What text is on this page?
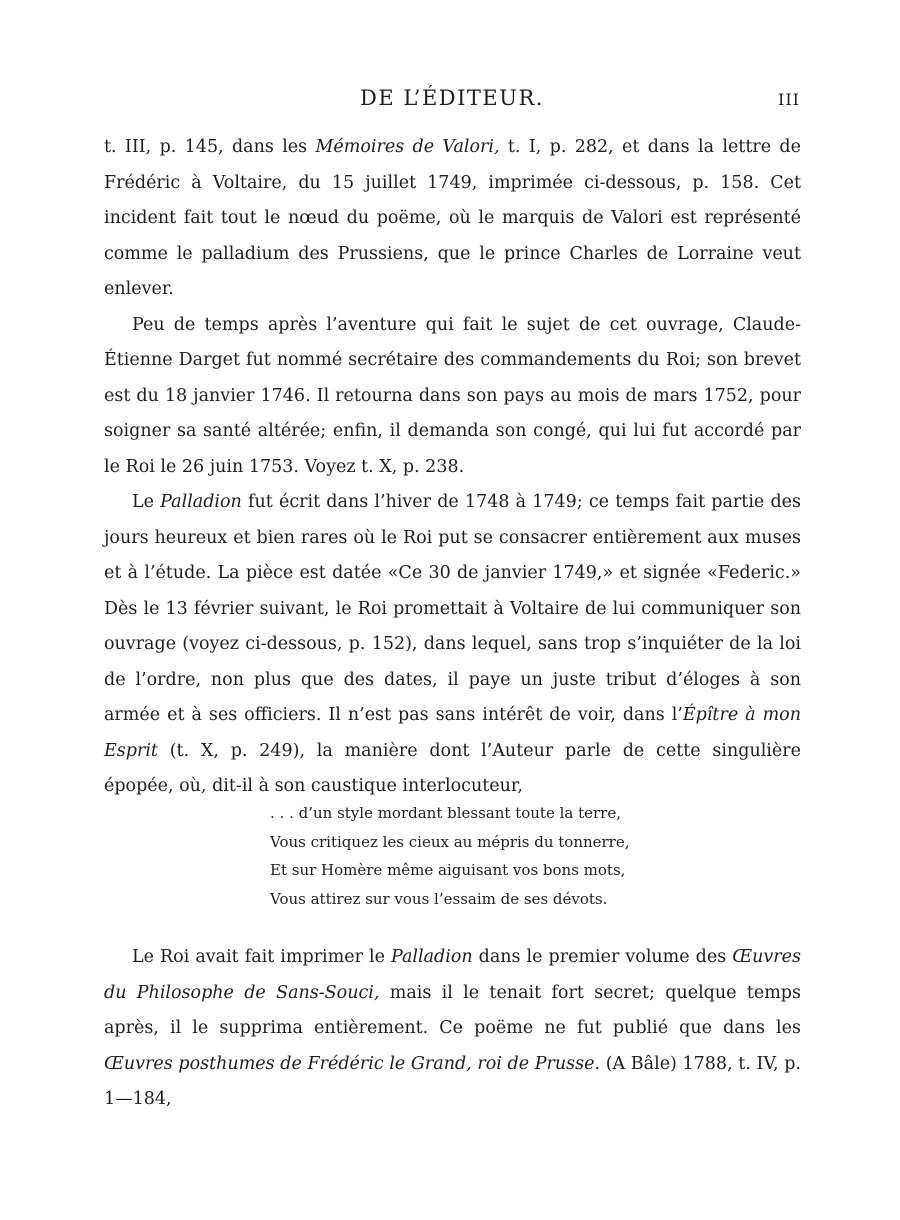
DE L’ÉDITEUR.	III

t. III, p. 145, dans les Mémoires de Valori, t. I, p. 282, et dans la lettre de Frédéric à Voltaire, du 15 juillet 1749, imprimée ci-dessous, p. 158. Cet incident fait tout le nœud du poëme, où le marquis de Valori est représenté comme le palladium des Prussiens, que le prince Charles de Lorraine veut enlever.

Peu de temps après l’aventure qui fait le sujet de cet ouvrage, Claude-Étienne Darget fut nommé secrétaire des commandements du Roi; son brevet est du 18 janvier 1746. Il retourna dans son pays au mois de mars 1752, pour soigner sa santé altérée; enfin, il demanda son congé, qui lui fut accordé par le Roi le 26 juin 1753. Voyez t. X, p. 238.

Le Palladion fut écrit dans l’hiver de 1748 à 1749; ce temps fait partie des jours heureux et bien rares où le Roi put se consacrer entièrement aux muses et à l’étude. La pièce est datée «Ce 30 de janvier 1749,» et signée «Federic.» Dès le 13 février suivant, le Roi promettait à Voltaire de lui communiquer son ouvrage (voyez ci-dessous, p. 152), dans lequel, sans trop s’inquiéter de la loi de l’ordre, non plus que des dates, il paye un juste tribut d’éloges à son armée et à ses officiers. Il n’est pas sans intérêt de voir, dans l’Épître à mon Esprit (t. X, p. 249), la manière dont l’Auteur parle de cette singulière épopée, où, dit-il à son caustique interlocuteur,

. . . d’un style mordant blessant toute la terre,
Vous critiquez les cieux au mépris du tonnerre,
Et sur Homère même aiguisant vos bons mots,
Vous attirez sur vous l’essaim de ses dévots.

Le Roi avait fait imprimer le Palladion dans le premier volume des Œuvres du Philosophe de Sans-Souci, mais il le tenait fort secret; quelque temps après, il le supprima entièrement. Ce poëme ne fut publié que dans les Œuvres posthumes de Frédéric le Grand, roi de Prusse. (A Bâle) 1788, t. IV, p. 1—184,
